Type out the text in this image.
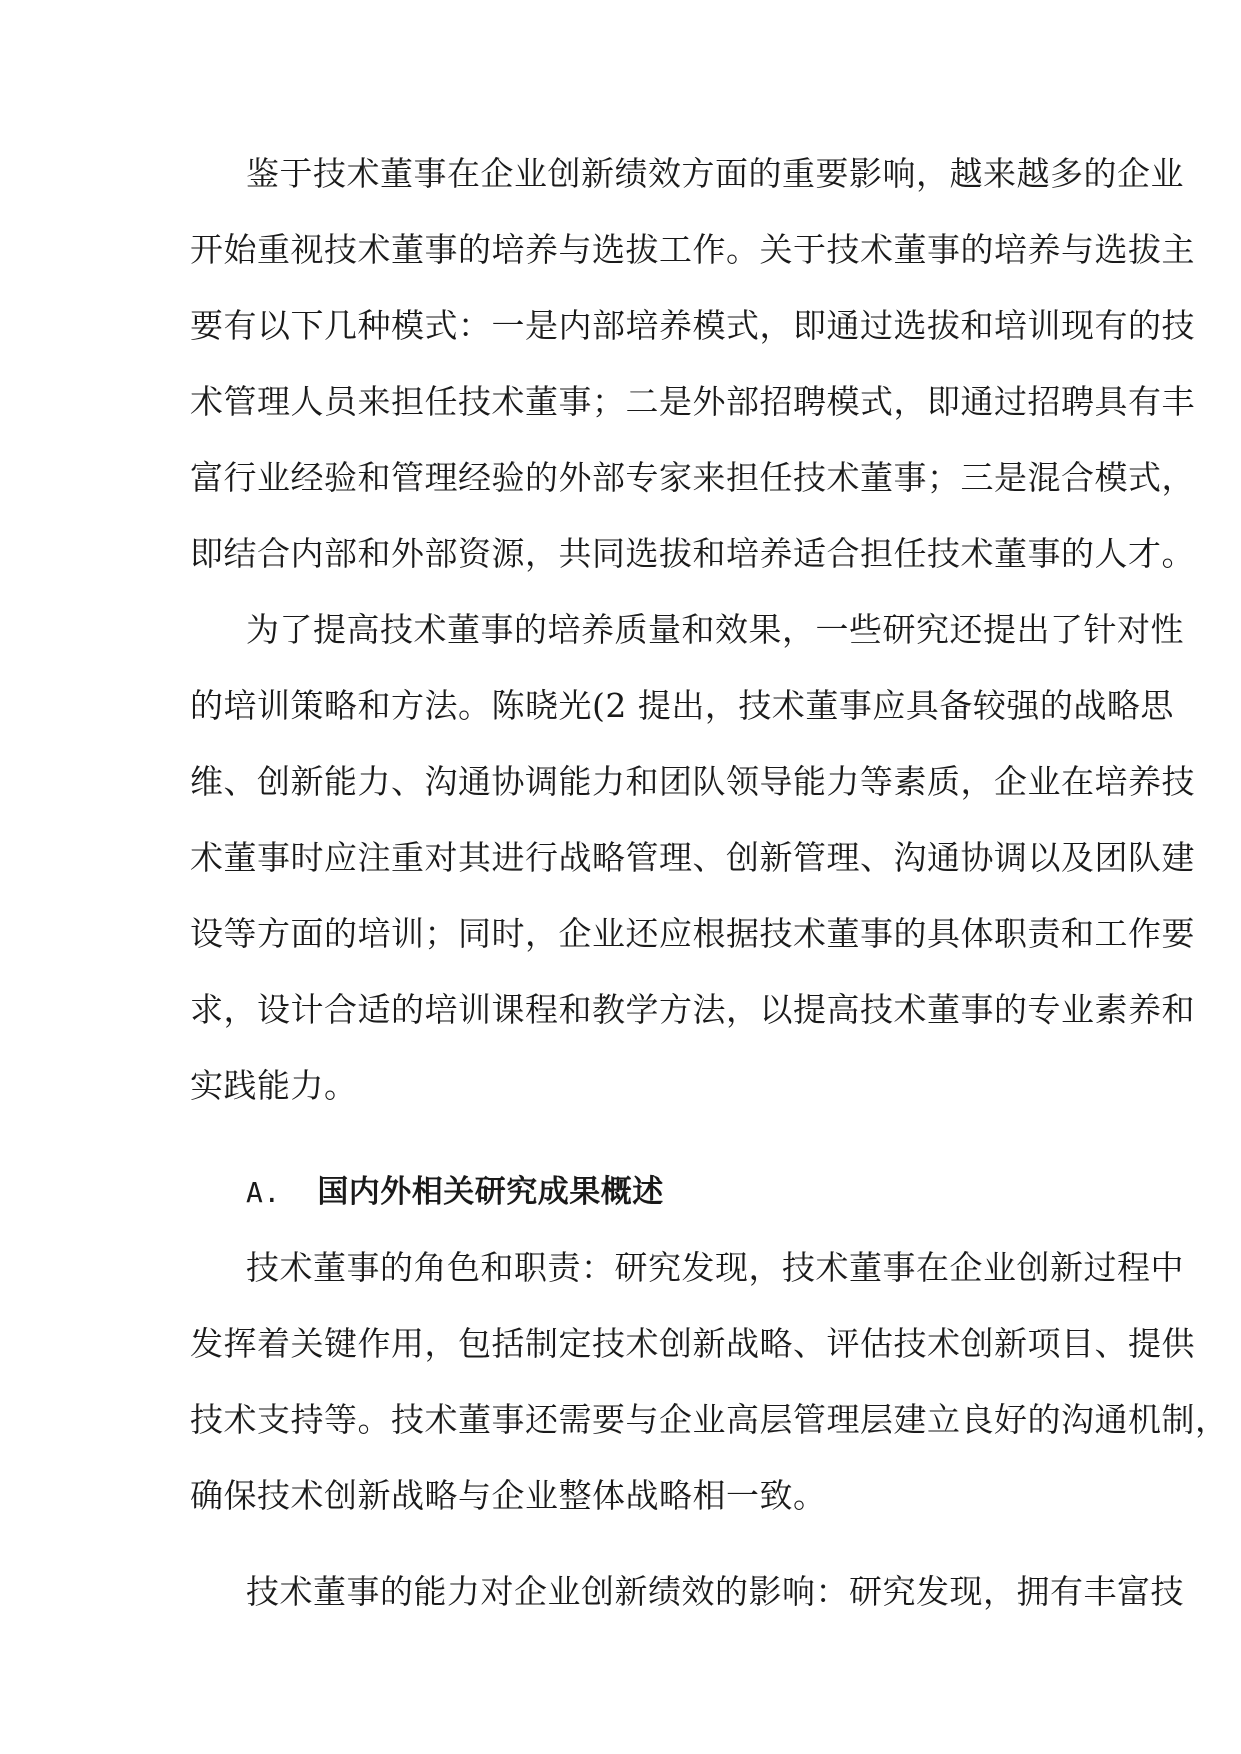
鉴于技术董事在企业创新绩效方面的重要影响，越来越多的企业
开始重视技术董事的培养与选拔工作。关于技术董事的培养与选拔主
要有以下几种模式：一是内部培养模式，即通过选拔和培训现有的技
术管理人员来担任技术董事；二是外部招聘模式，即通过招聘具有丰
富行业经验和管理经验的外部专家来担任技术董事；三是混合模式，
即结合内部和外部资源，共同选拔和培养适合担任技术董事的人才。
为了提高技术董事的培养质量和效果，一些研究还提出了针对性
的培训策略和方法。陈晓光(2 提出，技术董事应具备较强的战略思
维、创新能力、沟通协调能力和团队领导能力等素质，企业在培养技
术董事时应注重对其进行战略管理、创新管理、沟通协调以及团队建
设等方面的培训；同时，企业还应根据技术董事的具体职责和工作要
求，设计合适的培训课程和教学方法，以提高技术董事的专业素养和
实践能力。
A. 国内外相关研究成果概述
技术董事的角色和职责：研究发现，技术董事在企业创新过程中
发挥着关键作用，包括制定技术创新战略、评估技术创新项目、提供
技术支持等。技术董事还需要与企业高层管理层建立良好的沟通机制，
确保技术创新战略与企业整体战略相一致。
技术董事的能力对企业创新绩效的影响：研究发现，拥有丰富技
